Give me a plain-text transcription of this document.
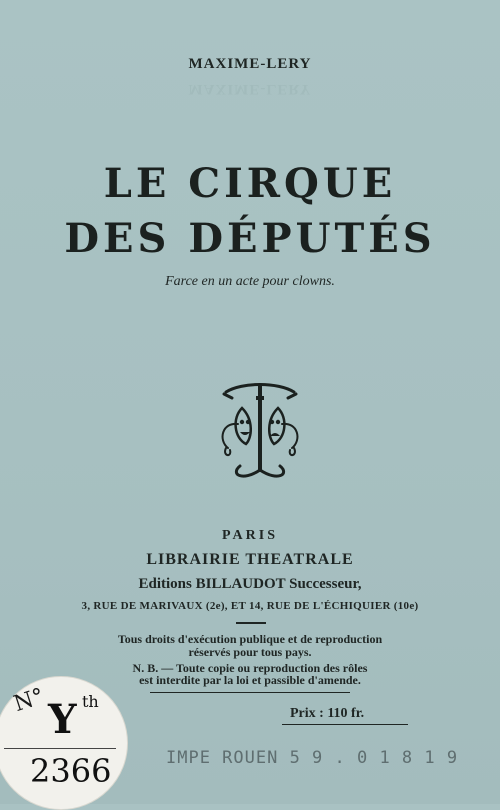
MAXIME-LERY
MAXIME-LERY
LE CIRQUE
DES DÉPUTÉS
Farce en un acte pour clowns.
PARIS
LIBRAIRIE THEATRALE
Editions BILLAUDOT Successeur,
3, RUE DE MARIVAUX (2e), ET 14, RUE DE L'ÉCHIQUIER (10e)
Tous droits d'exécution publique et de reproduction
réservés pour tous pays.
N. B. — Toute copie ou reproduction des rôles
est interdite par la loi et passible d'amende.
Prix : 110 fr.
N° Y th
2366	IMPE ROUEN 5 9 . 0 1 8 1 9
